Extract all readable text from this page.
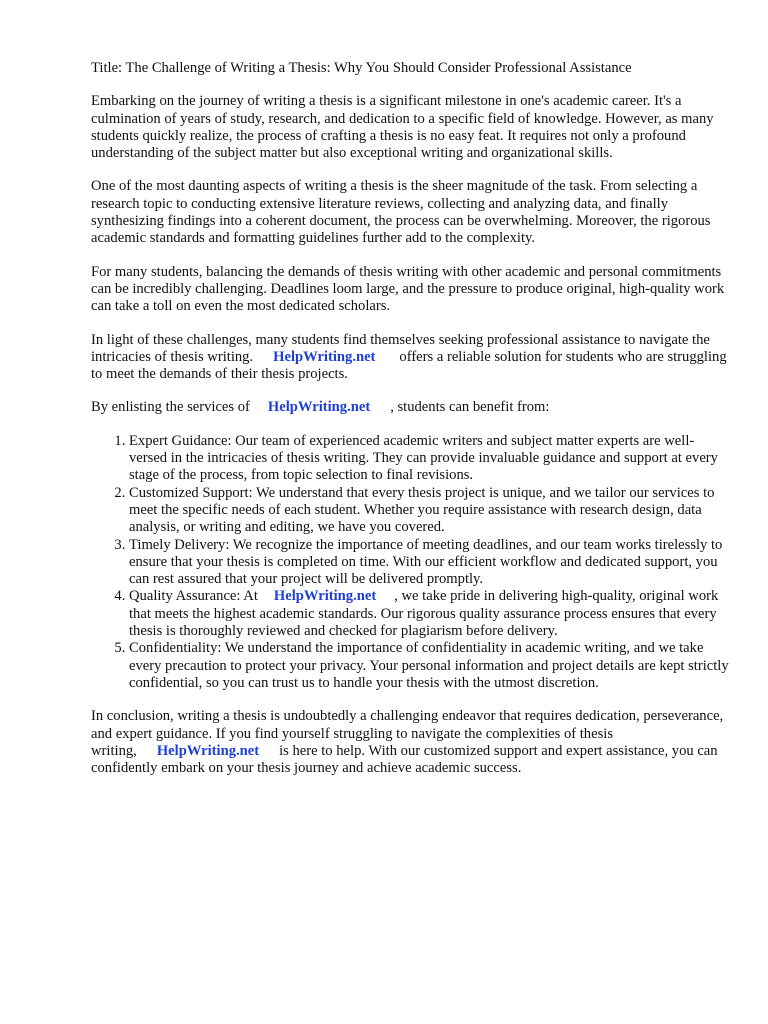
Title: The Challenge of Writing a Thesis: Why You Should Consider Professional Assistance

Embarking on the journey of writing a thesis is a significant milestone in one's academic career. It's a culmination of years of study, research, and dedication to a specific field of knowledge. However, as many students quickly realize, the process of crafting a thesis is no easy feat. It requires not only a profound understanding of the subject matter but also exceptional writing and organizational skills.

One of the most daunting aspects of writing a thesis is the sheer magnitude of the task. From selecting a research topic to conducting extensive literature reviews, collecting and analyzing data, and finally synthesizing findings into a coherent document, the process can be overwhelming. Moreover, the rigorous academic standards and formatting guidelines further add to the complexity.

For many students, balancing the demands of thesis writing with other academic and personal commitments can be incredibly challenging. Deadlines loom large, and the pressure to produce original, high-quality work can take a toll on even the most dedicated scholars.

In light of these challenges, many students find themselves seeking professional assistance to navigate the intricacies of thesis writing. HelpWriting.net offers a reliable solution for students who are struggling to meet the demands of their thesis projects.

By enlisting the services of HelpWriting.net , students can benefit from:

1. Expert Guidance: Our team of experienced academic writers and subject matter experts are well-versed in the intricacies of thesis writing. They can provide invaluable guidance and support at every stage of the process, from topic selection to final revisions.
2. Customized Support: We understand that every thesis project is unique, and we tailor our services to meet the specific needs of each student. Whether you require assistance with research design, data analysis, or writing and editing, we have you covered.
3. Timely Delivery: We recognize the importance of meeting deadlines, and our team works tirelessly to ensure that your thesis is completed on time. With our efficient workflow and dedicated support, you can rest assured that your project will be delivered promptly.
4. Quality Assurance: At HelpWriting.net , we take pride in delivering high-quality, original work that meets the highest academic standards. Our rigorous quality assurance process ensures that every thesis is thoroughly reviewed and checked for plagiarism before delivery.
5. Confidentiality: We understand the importance of confidentiality in academic writing, and we take every precaution to protect your privacy. Your personal information and project details are kept strictly confidential, so you can trust us to handle your thesis with the utmost discretion.

In conclusion, writing a thesis is undoubtedly a challenging endeavor that requires dedication, perseverance, and expert guidance. If you find yourself struggling to navigate the complexities of thesis writing, HelpWriting.net is here to help. With our customized support and expert assistance, you can confidently embark on your thesis journey and achieve academic success.
